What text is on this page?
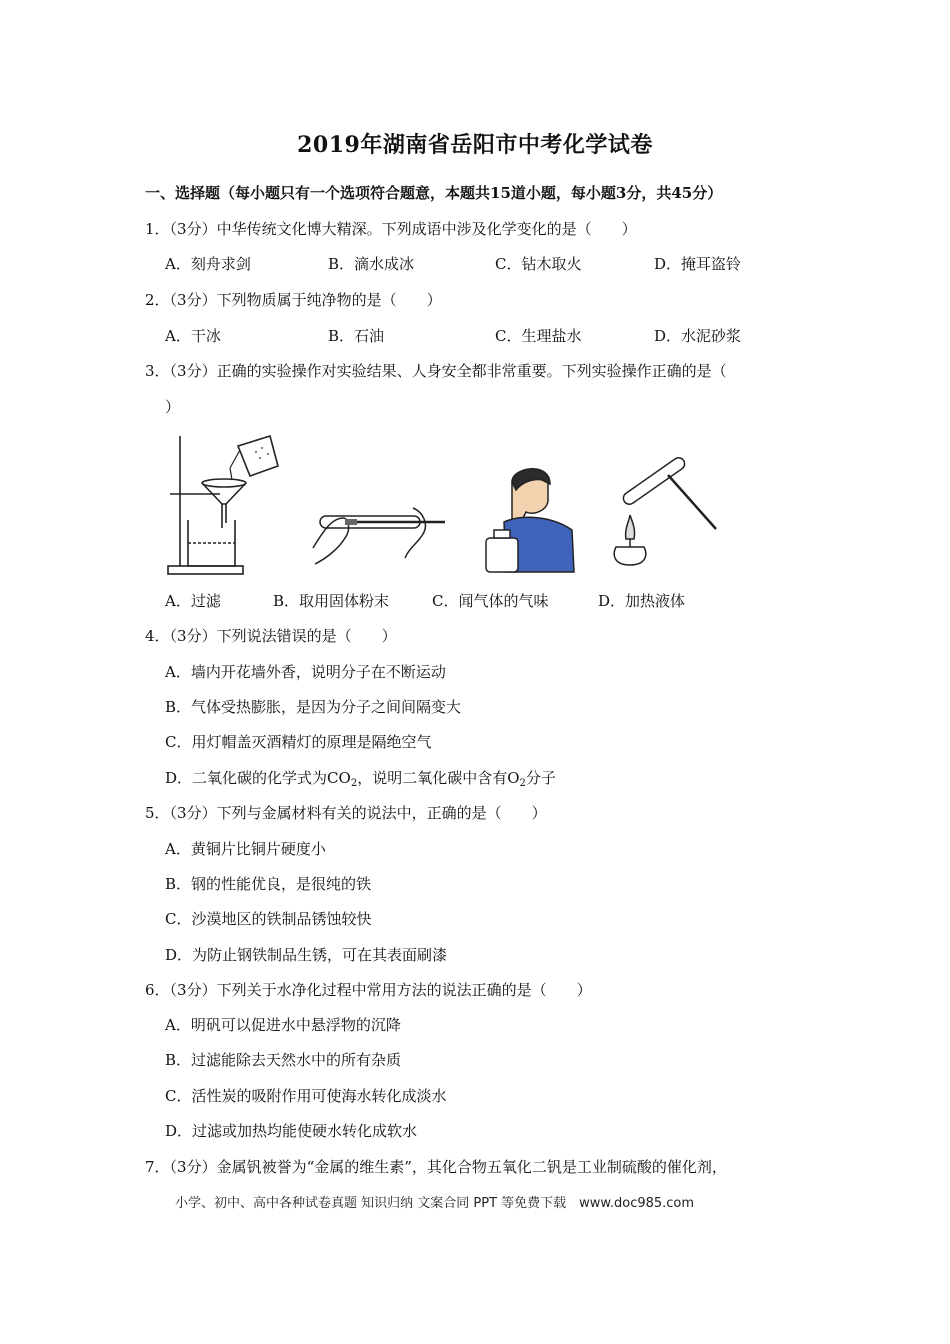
2019年湖南省岳阳市中考化学试卷
一、选择题（每小题只有一个选项符合题意，本题共15道小题，每小题3分，共45分）
1．（3分）中华传统文化博大精深。下列成语中涉及化学变化的是（　　）
A．刻舟求剑	B．滴水成冰	C．钻木取火	D．掩耳盗铃
2．（3分）下列物质属于纯净物的是（　　）
A．干冰	B．石油	C．生理盐水	D．水泥砂浆
3．（3分）正确的实验操作对实验结果、人身安全都非常重要。下列实验操作正确的是（
）
A．过滤	B．取用固体粉末	C．闻气体的气味	D．加热液体
4．（3分）下列说法错误的是（　　）
A．墙内开花墙外香，说明分子在不断运动
B．气体受热膨胀，是因为分子之间间隔变大
C．用灯帽盖灭酒精灯的原理是隔绝空气
D．二氧化碳的化学式为$CO_2$，说明二氧化碳中含有$O_2$分子
5．（3分）下列与金属材料有关的说法中，正确的是（　　）
A．黄铜片比铜片硬度小
B．钢的性能优良，是很纯的铁
C．沙漠地区的铁制品锈蚀较快
D．为防止钢铁制品生锈，可在其表面刷漆
6．（3分）下列关于水净化过程中常用方法的说法正确的是（　　）
A．明矾可以促进水中悬浮物的沉降
B．过滤能除去天然水中的所有杂质
C．活性炭的吸附作用可使海水转化成淡水
D．过滤或加热均能使硬水转化成软水
7．（3分）金属钒被誉为“金属的维生素”，其化合物五氧化二钒是工业制硫酸的催化剂，
小学、初中、高中各种试卷真题 知识归纳 文案合同 PPT 等免费下载　www.doc985.com
